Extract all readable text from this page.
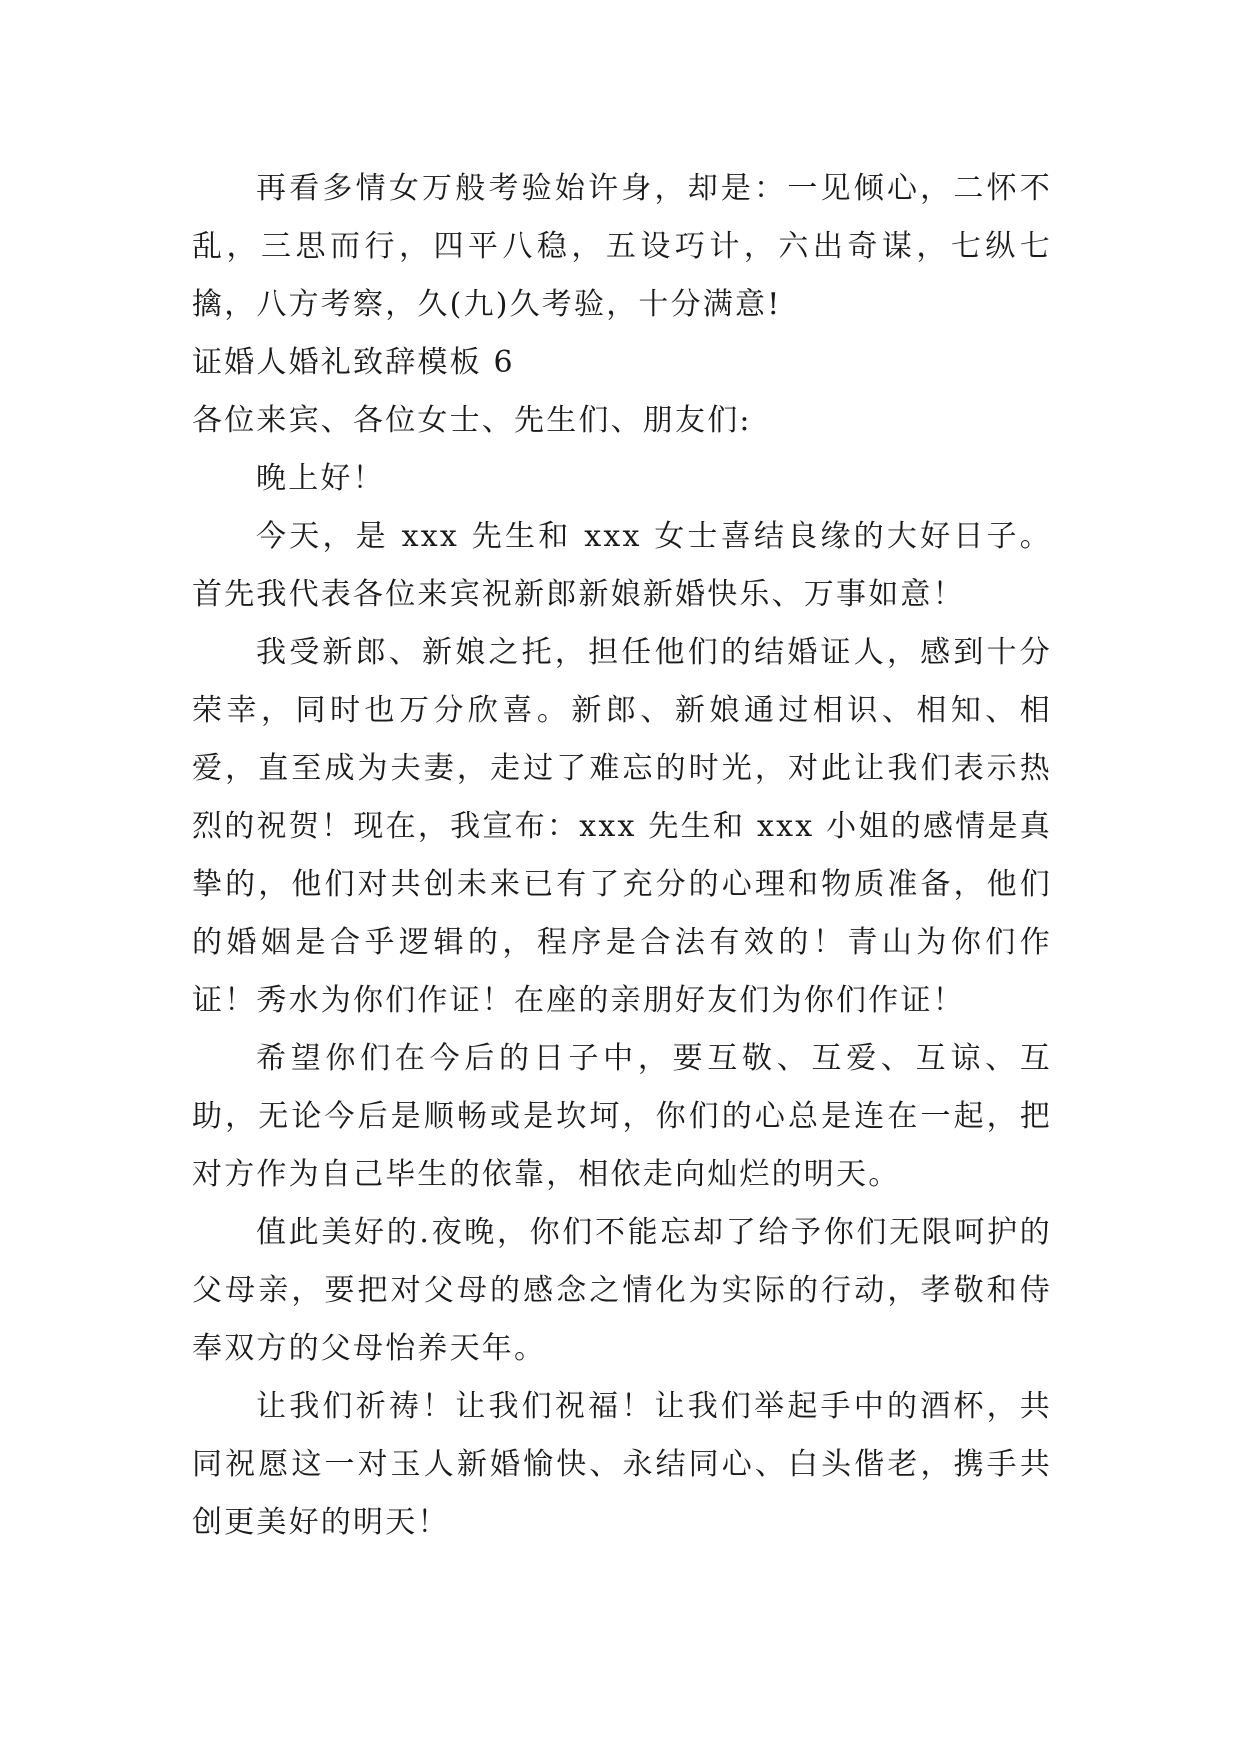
再看多情女万般考验始许身，却是：一见倾心，二怀不乱，三思而行，四平八稳，五设巧计，六出奇谋，七纵七擒，八方考察，久(九)久考验，十分满意!

证婚人婚礼致辞模板 6

各位来宾、各位女士、先生们、朋友们:

晚上好！

今天，是 xxx 先生和 xxx 女士喜结良缘的大好日子。首先我代表各位来宾祝新郎新娘新婚快乐、万事如意！

我受新郎、新娘之托，担任他们的结婚证人，感到十分荣幸，同时也万分欣喜。新郎、新娘通过相识、相知、相爱，直至成为夫妻，走过了难忘的时光，对此让我们表示热烈的祝贺！现在，我宣布：xxx 先生和 xxx 小姐的感情是真挚的，他们对共创未来已有了充分的心理和物质准备，他们的婚姻是合乎逻辑的，程序是合法有效的！青山为你们作证！秀水为你们作证！在座的亲朋好友们为你们作证！

希望你们在今后的日子中，要互敬、互爱、互谅、互助，无论今后是顺畅或是坎坷，你们的心总是连在一起，把对方作为自己毕生的依靠，相依走向灿烂的明天。

值此美好的.夜晚，你们不能忘却了给予你们无限呵护的父母亲，要把对父母的感念之情化为实际的行动，孝敬和侍奉双方的父母怡养天年。

让我们祈祷！让我们祝福！让我们举起手中的酒杯，共同祝愿这一对玉人新婚愉快、永结同心、白头偕老，携手共创更美好的明天！
